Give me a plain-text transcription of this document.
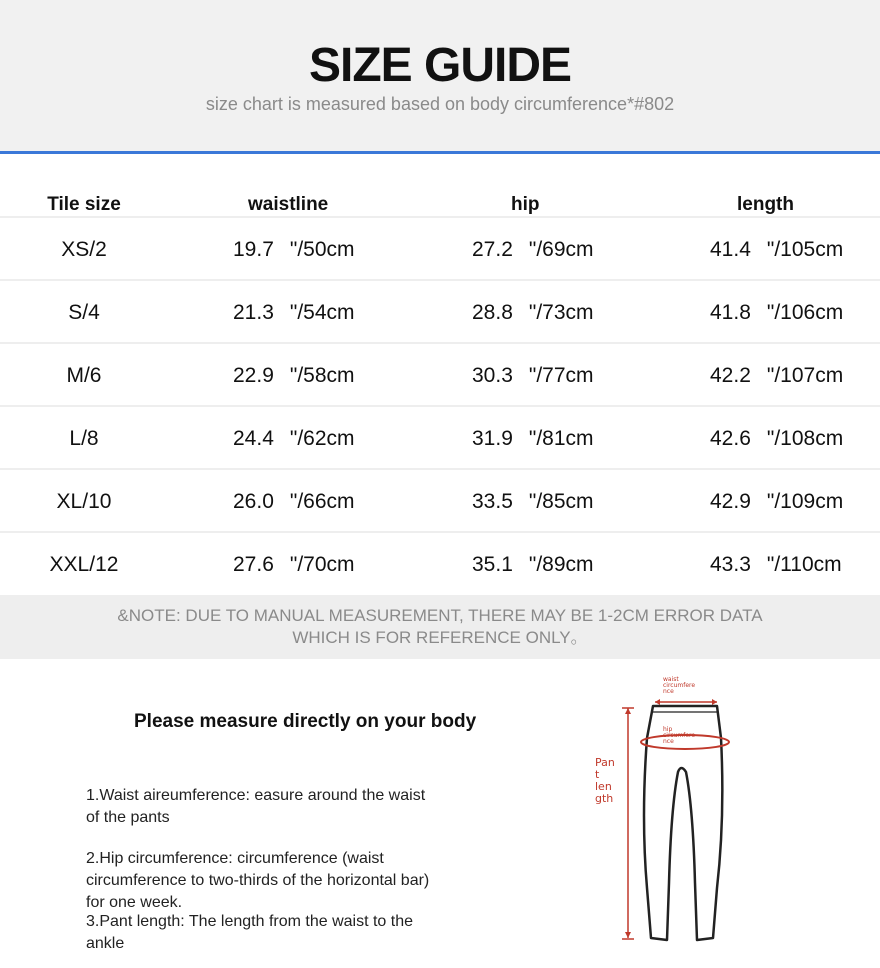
SIZE GUIDE
size chart is measured based on body circumference*#802
Tile size	waistline	hip	length
XS/2	19.7 "/50cm	27.2 "/69cm	41.4 "/105cm
S/4	21.3 "/54cm	28.8 "/73cm	41.8 "/106cm
M/6	22.9 "/58cm	30.3 "/77cm	42.2 "/107cm
L/8	24.4 "/62cm	31.9 "/81cm	42.6 "/108cm
XL/10	26.0 "/66cm	33.5 "/85cm	42.9 "/109cm
XXL/12	27.6 "/70cm	35.1 "/89cm	43.3 "/110cm
&NOTE: DUE TO MANUAL MEASUREMENT, THERE MAY BE 1-2CM ERROR DATA
WHICH IS FOR REFERENCE ONLY。
Please measure directly on your body
1.Waist aireumference: easure around the waist of the pants
2.Hip circumference: circumference (waist circumference to two-thirds of the horizontal bar) for one week.
3.Pant length: The length from the waist to the ankle
waist
circumfere
nce
hip
circumfere
nce
Pan
t
len
gth
